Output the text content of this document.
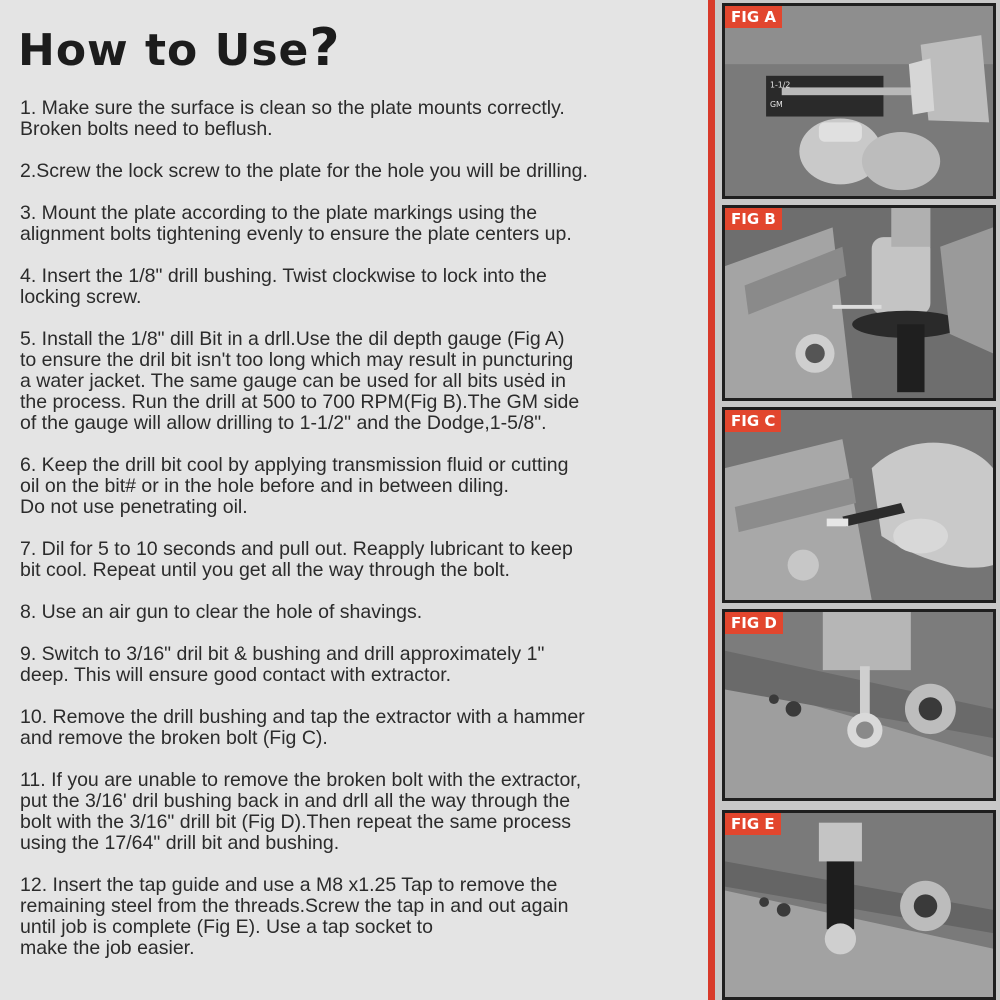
How to Use?
1. Make sure the surface is clean so the plate mounts correctly.
Broken bolts need to beflush.
2.Screw the lock screw to the plate for the hole you will be drilling.
3. Mount the plate according to the plate markings using the
alignment bolts tightening evenly to ensure the plate centers up.
4. Insert the 1/8" drill bushing. Twist clockwise to lock into the
locking screw.
5. Install the 1/8" dill Bit in a drll.Use the dil depth gauge (Fig A)
to ensure the dril bit isn't too long which may result in puncturing
a water jacket. The same gauge can be used for all bits usėd in
the process. Run the drill at 500 to 700 RPM(Fig B).The GM side
of the gauge will allow drilling to 1-1/2" and the Dodge,1-5/8".
6. Keep the drill bit cool by applying transmission fluid or cutting
oil on the bit# or in the hole before and in between diling.
Do not use penetrating oil.
7. Dil for 5 to 10 seconds and pull out. Reapply lubricant to keep
bit cool. Repeat until you get all the way through the bolt.
8. Use an air gun to clear the hole of shavings.
9. Switch to 3/16" dril bit & bushing and drill approximately 1"
deep. This will ensure good contact with extractor.
10. Remove the drill bushing and tap the extractor with a hammer
and remove the broken bolt (Fig C).
11. If you are unable to remove the broken bolt with the extractor,
put the 3/16' dril bushing back in and drll all the way through the
bolt with the 3/16" drill bit (Fig D).Then repeat the same process
using the 17/64" drill bit and bushing.
12. Insert the tap guide and use a M8 x1.25 Tap to remove the
remaining steel from the threads.Screw the tap in and out again
until job is complete (Fig E). Use a tap socket to
make the job easier.
FIG A
1-1/2
GM
FIG B
FIG C
FIG D
FIG E
